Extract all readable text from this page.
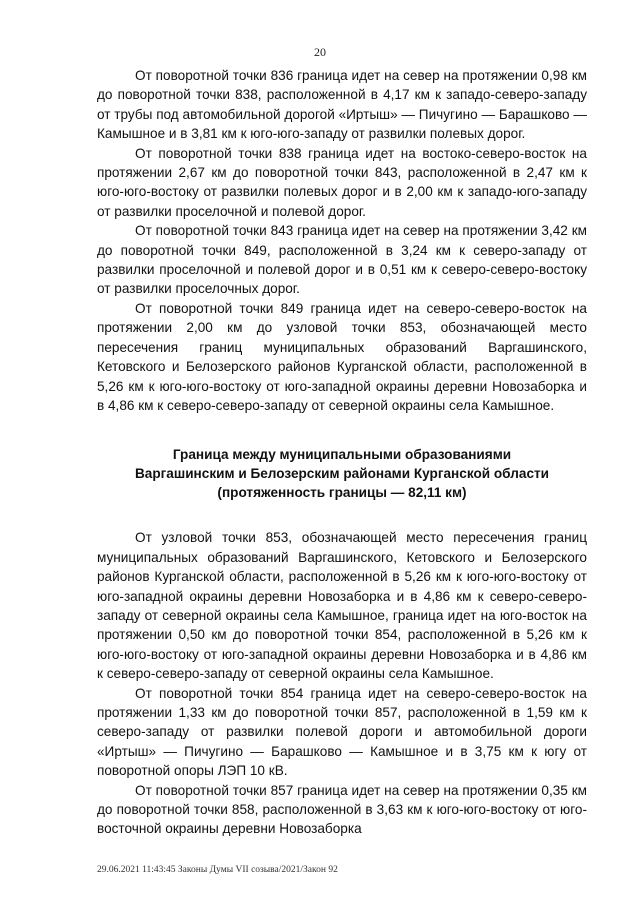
20

От поворотной точки 836 граница идет на север на протяжении 0,98 км до поворотной точки 838, расположенной в 4,17 км к западо-северо-западу от трубы под автомобильной дорогой «Иртыш» — Пичугино — Барашково — Камышное и в 3,81 км к юго-юго-западу от развилки полевых дорог.

От поворотной точки 838 граница идет на востоко-северо-восток на протяжении 2,67 км до поворотной точки 843, расположенной в 2,47 км к юго-юго-востоку от развилки полевых дорог и в 2,00 км к западо-юго-западу от развилки проселочной и полевой дорог.

От поворотной точки 843 граница идет на север на протяжении 3,42 км до поворотной точки 849, расположенной в 3,24 км к северо-западу от развилки проселочной и полевой дорог и в 0,51 км к северо-северо-востоку от развилки проселочных дорог.

От поворотной точки 849 граница идет на северо-северо-восток на протяжении 2,00 км до узловой точки 853, обозначающей место пересечения границ муниципальных образований Варгашинского, Кетовского и Белозерского районов Курганской области, расположенной в 5,26 км к юго-юго-востоку от юго-западной окраины деревни Новозаборка и в 4,86 км к северо-северо-западу от северной окраины села Камышное.

Граница между муниципальными образованиями
Варгашинским и Белозерским районами Курганской области
(протяженность границы — 82,11 км)

От узловой точки 853, обозначающей место пересечения границ муниципальных образований Варгашинского, Кетовского и Белозерского районов Курганской области, расположенной в 5,26 км к юго-юго-востоку от юго-западной окраины деревни Новозаборка и в 4,86 км к северо-северо-западу от северной окраины села Камышное, граница идет на юго-восток на протяжении 0,50 км до поворотной точки 854, расположенной в 5,26 км к юго-юго-востоку от юго-западной окраины деревни Новозаборка и в 4,86 км к северо-северо-западу от северной окраины села Камышное.

От поворотной точки 854 граница идет на северо-северо-восток на протяжении 1,33 км до поворотной точки 857, расположенной в 1,59 км к северо-западу от развилки полевой дороги и автомобильной дороги «Иртыш» — Пичугино — Барашково — Камышное и в 3,75 км к югу от поворотной опоры ЛЭП 10 кВ.

От поворотной точки 857 граница идет на север на протяжении 0,35 км до поворотной точки 858, расположенной в 3,63 км к юго-юго-востоку от юго-восточной окраины деревни Новозаборка

29.06.2021 11:43:45 Законы Думы VII созыва/2021/Закон 92
